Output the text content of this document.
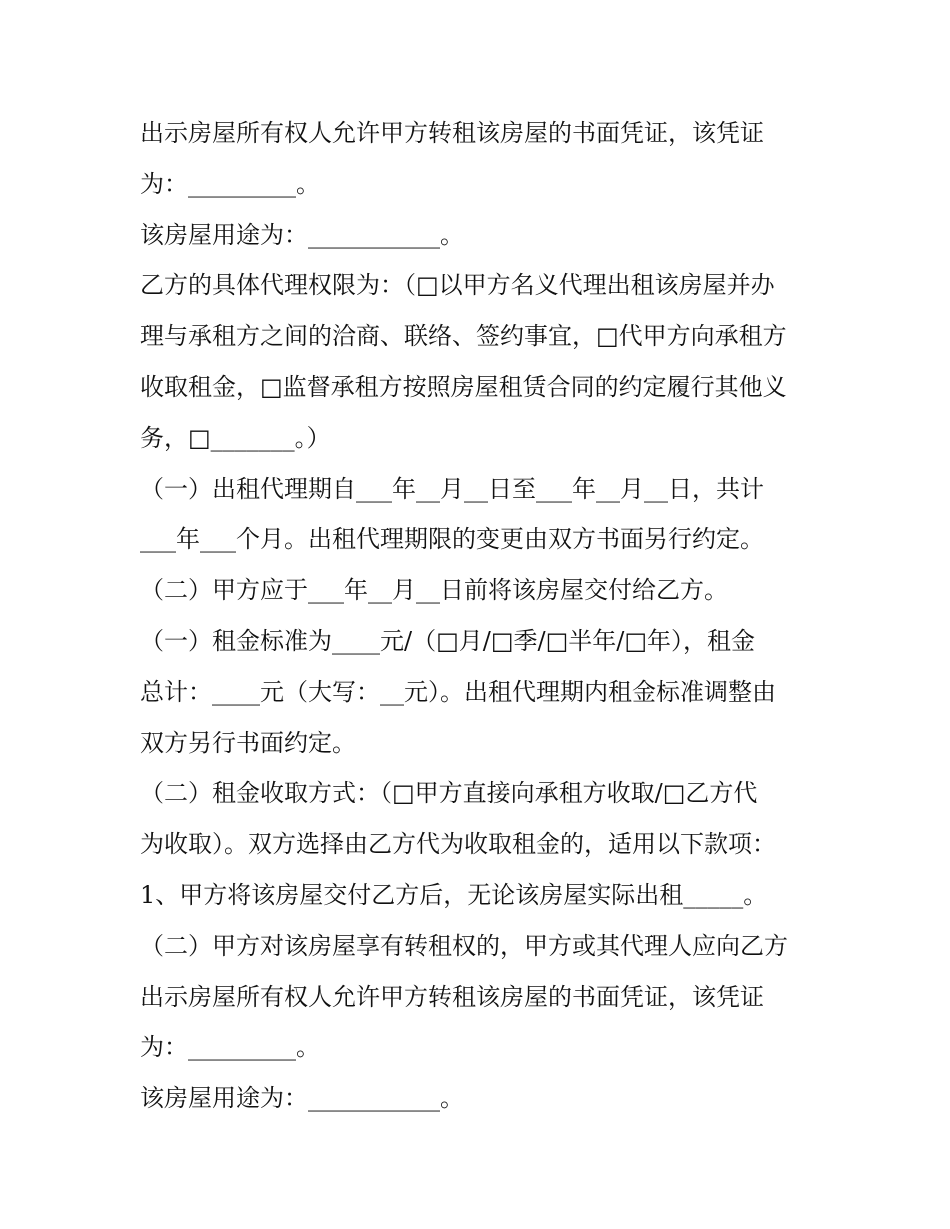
出示房屋所有权人允许甲方转租该房屋的书面凭证，该凭证
为：_________。
该房屋用途为：___________。
乙方的具体代理权限为：（□以甲方名义代理出租该房屋并办
理与承租方之间的洽商、联络、签约事宜，□代甲方向承租方
收取租金，□监督承租方按照房屋租赁合同的约定履行其他义
务，□_______。）
（一）出租代理期自___年__月__日至___年__月__日，共计
___年___个月。出租代理期限的变更由双方书面另行约定。
（二）甲方应于___年__月__日前将该房屋交付给乙方。
（一）租金标准为____元/（□月/□季/□半年/□年），租金
总计：____元（大写：__元）。出租代理期内租金标准调整由
双方另行书面约定。
（二）租金收取方式：（□甲方直接向承租方收取/□乙方代
为收取）。双方选择由乙方代为收取租金的，适用以下款项：
1、甲方将该房屋交付乙方后，无论该房屋实际出租_____。
（二）甲方对该房屋享有转租权的，甲方或其代理人应向乙方
出示房屋所有权人允许甲方转租该房屋的书面凭证，该凭证
为：_________。
该房屋用途为：___________。
